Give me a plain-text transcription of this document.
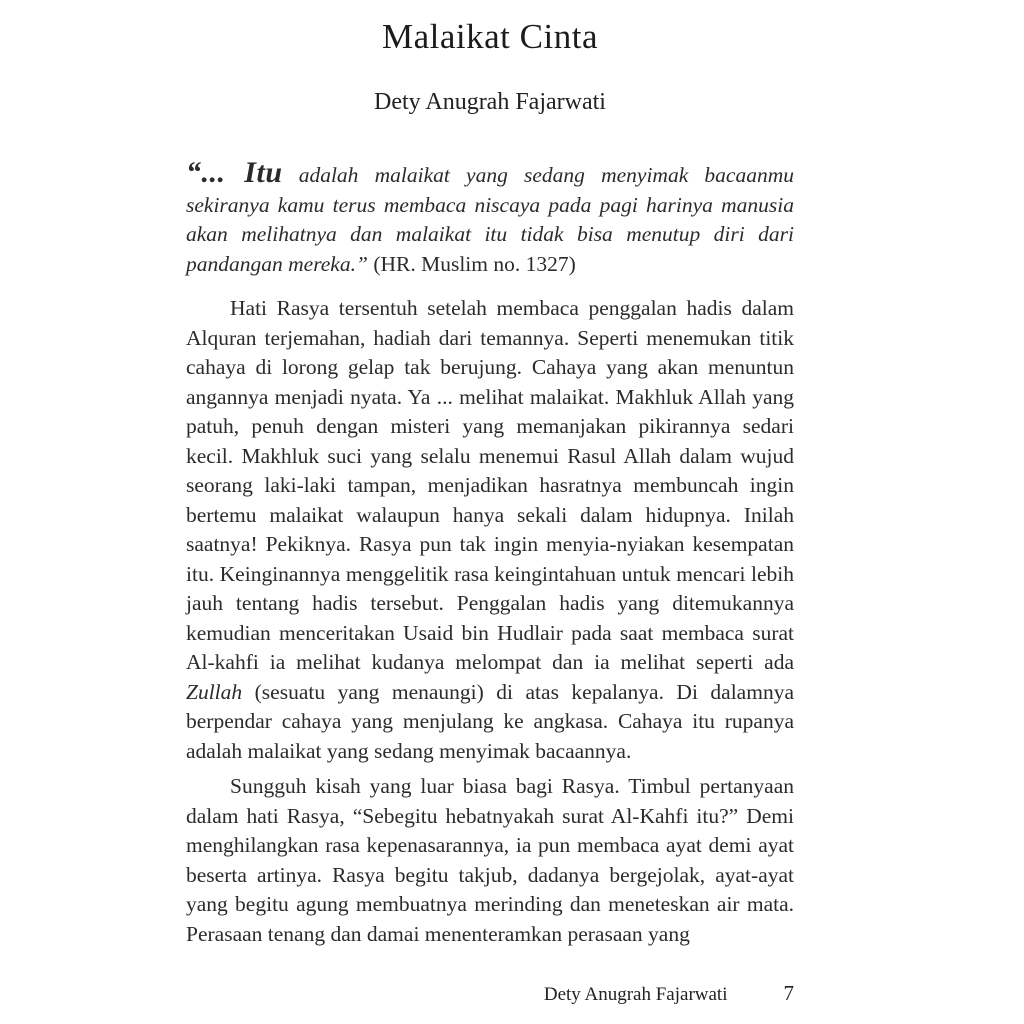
Malaikat Cinta
Dety Anugrah Fajarwati

“... Itu adalah malaikat yang sedang menyimak bacaanmu sekiranya kamu terus membaca niscaya pada pagi harinya manusia akan melihatnya dan malaikat itu tidak bisa menutup diri dari pandangan mereka.” (HR. Muslim no. 1327)

Hati Rasya tersentuh setelah membaca penggalan hadis dalam Alquran terjemahan, hadiah dari temannya. Seperti menemukan titik cahaya di lorong gelap tak berujung. Cahaya yang akan menuntun angannya menjadi nyata. Ya ... melihat malaikat. Makhluk Allah yang patuh, penuh dengan misteri yang memanjakan pikirannya sedari kecil. Makhluk suci yang selalu menemui Rasul Allah dalam wujud seorang laki-laki tampan, menjadikan hasratnya membuncah ingin bertemu malaikat walaupun hanya sekali dalam hidupnya. Inilah saatnya! Pekiknya. Rasya pun tak ingin menyia-nyiakan kesempatan itu. Keinginannya menggelitik rasa keingintahuan untuk mencari lebih jauh tentang hadis tersebut. Penggalan hadis yang ditemukannya kemudian menceritakan Usaid bin Hudlair pada saat membaca surat Al-kahfi ia melihat kudanya melompat dan ia melihat seperti ada Zullah (sesuatu yang menaungi) di atas kepalanya. Di dalamnya berpendar cahaya yang menjulang ke angkasa. Cahaya itu rupanya adalah malaikat yang sedang menyimak bacaannya.

Sungguh kisah yang luar biasa bagi Rasya. Timbul pertanyaan dalam hati Rasya, “Sebegitu hebatnyakah surat Al-Kahfi itu?” Demi menghilangkan rasa kepenasarannya, ia pun membaca ayat demi ayat beserta artinya. Rasya begitu takjub, dadanya bergejolak, ayat-ayat yang begitu agung membuatnya merinding dan meneteskan air mata. Perasaan tenang dan damai menenteramkan perasaan yang

Dety Anugrah Fajarwati	7
